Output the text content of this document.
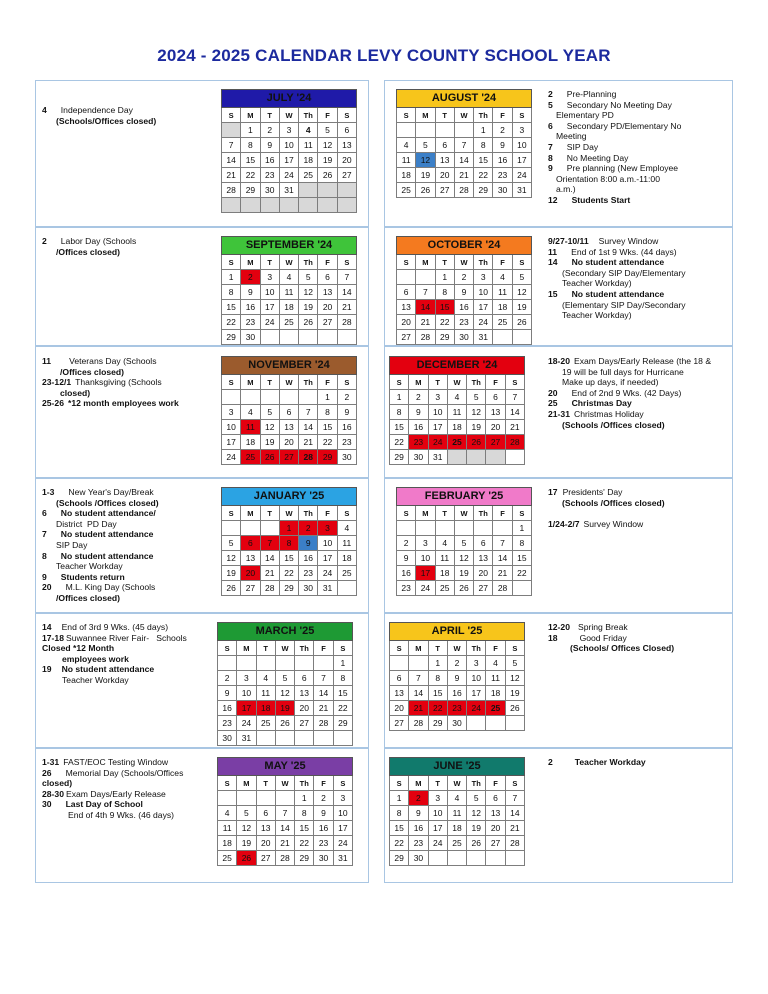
2024 - 2025 CALENDAR LEVY COUNTY SCHOOL YEAR
JULY '24						
S	M	T	W	Th	F	S
	1	2	3	4	5	6
7	8	9	10	11	12	13
14	15	16	17	18	19	20
21	22	23	24	25	26	27
28	29	30	31			

AUGUST '24						
S	M	T	W	Th	F	S
				1	2	3
4	5	6	7	8	9	10
11	12	13	14	15	16	17
18	19	20	21	22	23	24
25	26	27	28	29	30	31
SEPTEMBER '24						
S	M	T	W	Th	F	S
1	2	3	4	5	6	7
8	9	10	11	12	13	14
15	16	17	18	19	20	21
22	23	24	25	26	27	28
29	30					
OCTOBER '24						
S	M	T	W	Th	F	S
		1	2	3	4	5
6	7	8	9	10	11	12
13	14	15	16	17	18	19
20	21	22	23	24	25	26
27	28	29	30	31		
NOVEMBER '24						
S	M	T	W	Th	F	S
					1	2
3	4	5	6	7	8	9
10	11	12	13	14	15	16
17	18	19	20	21	22	23
24	25	26	27	28	29	30
DECEMBER '24						
S	M	T	W	Th	F	S
1	2	3	4	5	6	7
8	9	10	11	12	13	14
15	16	17	18	19	20	21
22	23	24	25	26	27	28
29	30	31				
JANUARY '25						
S	M	T	W	Th	F	S
			1	2	3	4
5	6	7	8	9	10	11
12	13	14	15	16	17	18
19	20	21	22	23	24	25
26	27	28	29	30	31	
FEBRUARY '25						
S	M	T	W	Th	F	S
						1
2	3	4	5	6	7	8
9	10	11	12	13	14	15
16	17	18	19	20	21	22
23	24	25	26	27	28	
MARCH '25						
S	M	T	W	Th	F	S
						1
2	3	4	5	6	7	8
9	10	11	12	13	14	15
16	17	18	19	20	21	22
23	24	25	26	27	28	29
30	31					
APRIL '25						
S	M	T	W	Th	F	S
		1	2	3	4	5
6	7	8	9	10	11	12
13	14	15	16	17	18	19
20	21	22	23	24	25	26
27	28	29	30			
MAY '25						
S	M	T	W	Th	F	S
				1	2	3
4	5	6	7	8	9	10
11	12	13	14	15	16	17
18	19	20	21	22	23	24
25	26	27	28	29	30	31
JUNE '25						
S	M	T	W	Th	F	S
1	2	3	4	5	6	7
8	9	10	11	12	13	14
15	16	17	18	19	20	21
22	23	24	25	26	27	28
29	30					
4 Independence Day
(Schools/Offices closed)
2 Pre-Planning
5 Secondary No Meeting Day
Elementary PD
6 Secondary PD/Elementary No
Meeting
7 SIP Day
8 No Meeting Day
9 Pre planning (New Employee
Orientation 8:00 a.m.-11:00
a.m.)
12 Students Start
2 Labor Day (Schools
/Offices closed)
9/27-10/11 Survey Window
11 End of 1st 9 Wks. (44 days)
14 No student attendance
(Secondary SIP Day/Elementary
Teacher Workday)
15 No student attendance
(Elementary SIP Day/Secondary
Teacher Workday)
11 Veterans Day (Schools
/Offices closed)
23-12/1 Thanksgiving (Schools
closed)
25-26 *12 month employees work
18-20 Exam Days/Early Release (the 18 &
19 will be full days for Hurricane
Make up days, if needed)
20 End of 2nd 9 Wks. (42 Days)
25 Christmas Day
21-31 Christmas Holiday
(Schools /Offices closed)
1-3 New Year's Day/Break
(Schools /Offices closed)
6 No student attendance/
District  PD Day
7 No student attendance
SIP Day
8 No student attendance
Teacher Workday
9 Students return
20 M.L. King Day (Schools
/Offices closed)
17 Presidents' Day
(Schools /Offices closed)

1/24-2/7 Survey Window
14 End of 3rd 9 Wks. (45 days)
17-18 Suwannee River Fair-   Schools
Closed *12 Month
employees work
19 No student attendance
Teacher Workday
12-20 Spring Break
18	Good Friday
(Schools/ Offices Closed)
1-31 FAST/EOC Testing Window
26 Memorial Day (Schools/Offices
closed)
28-30 Exam Days/Early Release
30 Last Day of School
End of 4th 9 Wks. (46 days)
2	Teacher Workday
